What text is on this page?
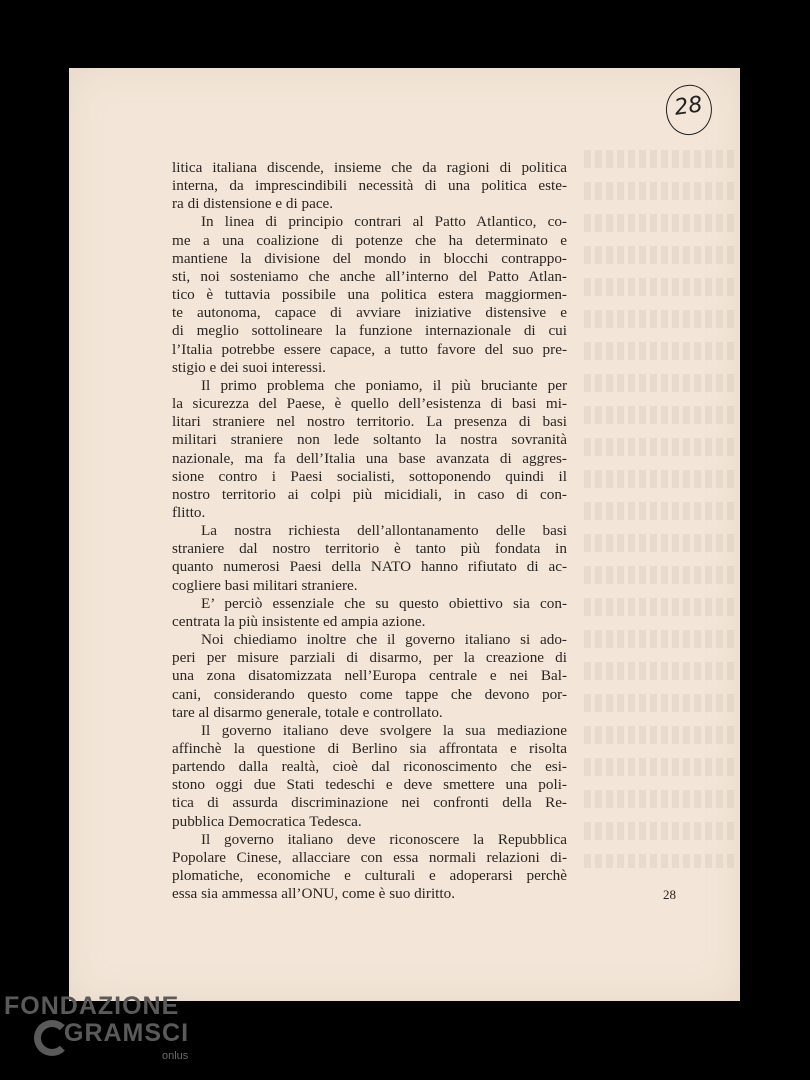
28
litica italiana discende, insieme che da ragioni di politica
interna, da imprescindibili necessità di una politica este-
ra di distensione e di pace.
In linea di principio contrari al Patto Atlantico, co-
me a una coalizione di potenze che ha determinato e
mantiene la divisione del mondo in blocchi contrappo-
sti, noi sosteniamo che anche all’interno del Patto Atlan-
tico è tuttavia possibile una politica estera maggiormen-
te autonoma, capace di avviare iniziative distensive e
di meglio sottolineare la funzione internazionale di cui
l’Italia potrebbe essere capace, a tutto favore del suo pre-
stigio e dei suoi interessi.
Il primo problema che poniamo, il più bruciante per
la sicurezza del Paese, è quello dell’esistenza di basi mi-
litari straniere nel nostro territorio. La presenza di basi
militari straniere non lede soltanto la nostra sovranità
nazionale, ma fa dell’Italia una base avanzata di aggres-
sione contro i Paesi socialisti, sottoponendo quindi il
nostro territorio ai colpi più micidiali, in caso di con-
flitto.
La nostra richiesta dell’allontanamento delle basi
straniere dal nostro territorio è tanto più fondata in
quanto numerosi Paesi della NATO hanno rifiutato di ac-
cogliere basi militari straniere.
E’ perciò essenziale che su questo obiettivo sia con-
centrata la più insistente ed ampia azione.
Noi chiediamo inoltre che il governo italiano si ado-
peri per misure parziali di disarmo, per la creazione di
una zona disatomizzata nell’Europa centrale e nei Bal-
cani, considerando questo come tappe che devono por-
tare al disarmo generale, totale e controllato.
Il governo italiano deve svolgere la sua mediazione
affinchè la questione di Berlino sia affrontata e risolta
partendo dalla realtà, cioè dal riconoscimento che esi-
stono oggi due Stati tedeschi e deve smettere una poli-
tica di assurda discriminazione nei confronti della Re-
pubblica Democratica Tedesca.
Il governo italiano deve riconoscere la Repubblica
Popolare Cinese, allacciare con essa normali relazioni di-
plomatiche, economiche e culturali e adoperarsi perchè
essa sia ammessa all’ONU, come è suo diritto.	28
FONDAZIONE
GRAMSCI
onlus
